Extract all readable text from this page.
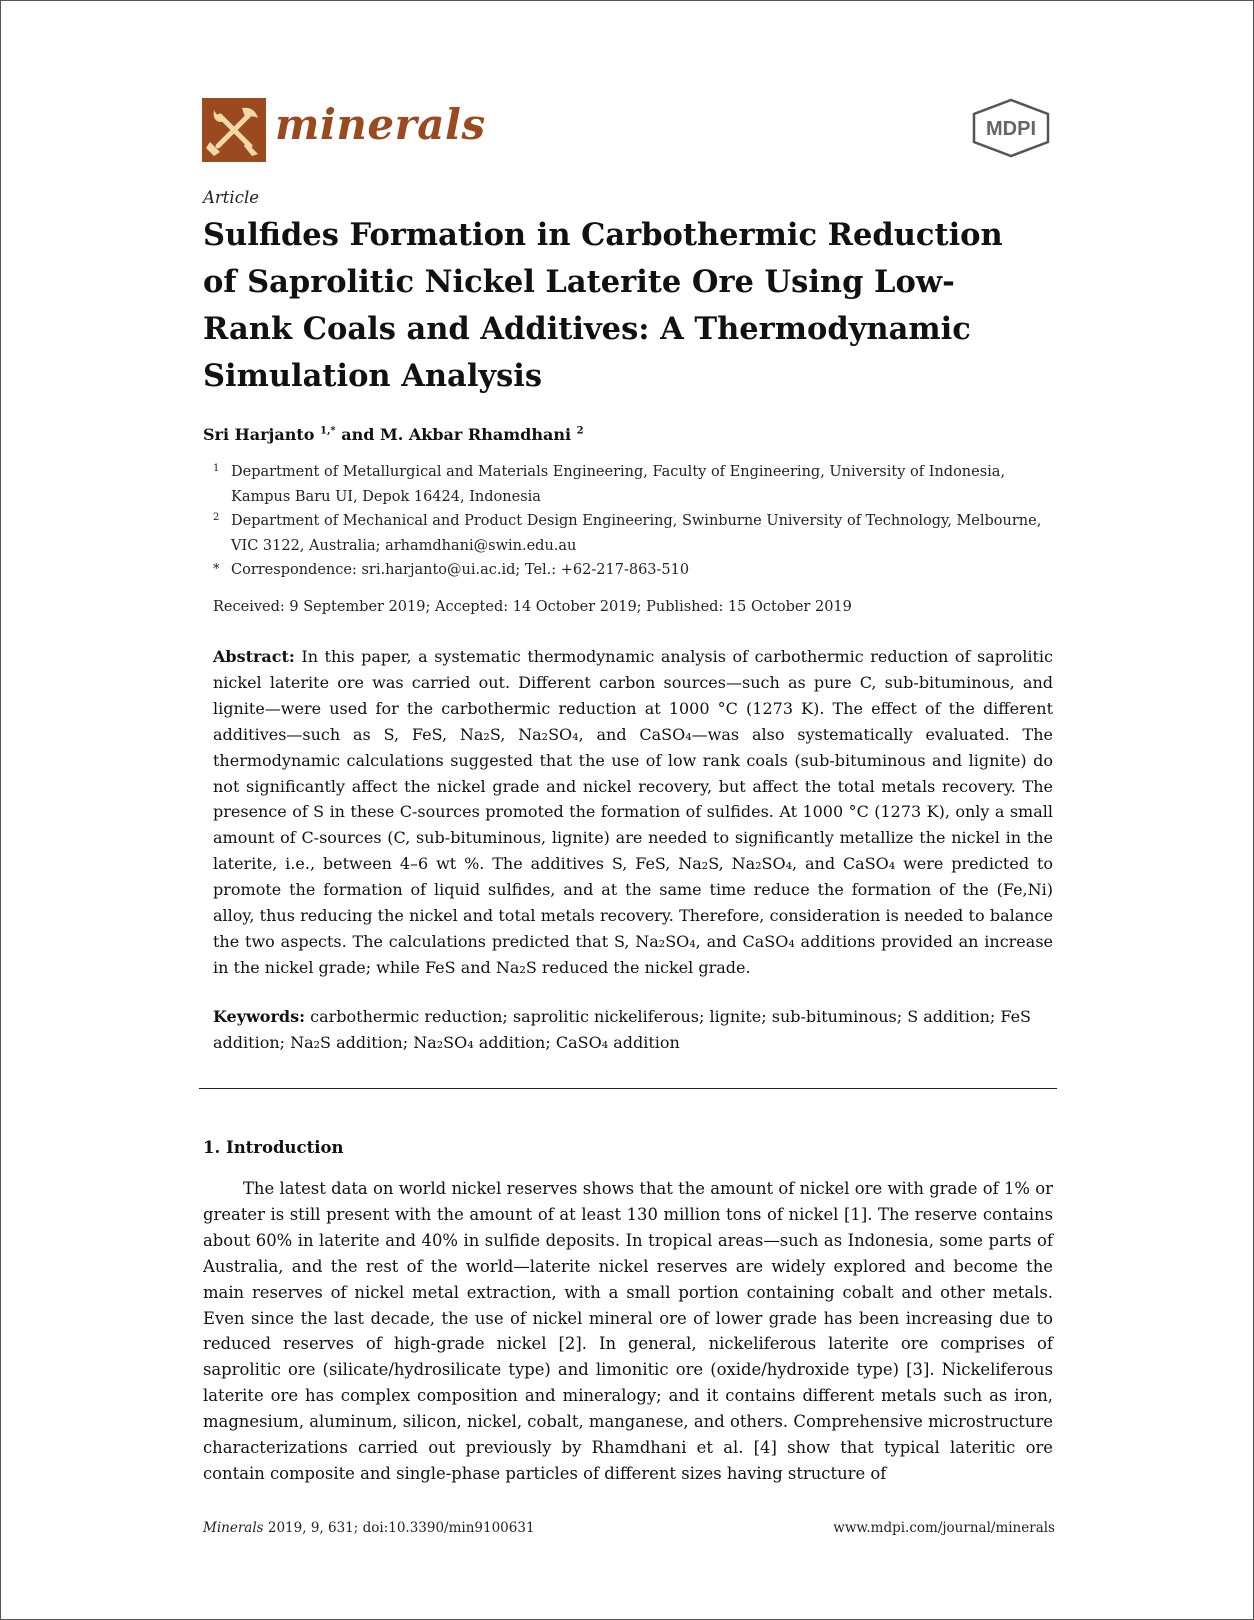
minerals	MDPI
Article
Sulfides Formation in Carbothermic Reduction of Saprolitic Nickel Laterite Ore Using Low-Rank Coals and Additives: A Thermodynamic Simulation Analysis
Sri Harjanto $^{1,*}$ and M. Akbar Rhamdhani $^2$
1 Department of Metallurgical and Materials Engineering, Faculty of Engineering, University of Indonesia, Kampus Baru UI, Depok 16424, Indonesia
2 Department of Mechanical and Product Design Engineering, Swinburne University of Technology, Melbourne, VIC 3122, Australia; arhamdhani@swin.edu.au
* Correspondence: sri.harjanto@ui.ac.id; Tel.: +62-217-863-510
Received: 9 September 2019; Accepted: 14 October 2019; Published: 15 October 2019
Abstract: In this paper, a systematic thermodynamic analysis of carbothermic reduction of saprolitic nickel laterite ore was carried out. Different carbon sources—such as pure C, sub-bituminous, and lignite—were used for the carbothermic reduction at 1000 °C (1273 K). The effect of the different additives—such as S, FeS, Na₂S, Na₂SO₄, and CaSO₄—was also systematically evaluated. The thermodynamic calculations suggested that the use of low rank coals (sub-bituminous and lignite) do not significantly affect the nickel grade and nickel recovery, but affect the total metals recovery. The presence of S in these C-sources promoted the formation of sulfides. At 1000 °C (1273 K), only a small amount of C-sources (C, sub-bituminous, lignite) are needed to significantly metallize the nickel in the laterite, i.e., between 4–6 wt %. The additives S, FeS, Na₂S, Na₂SO₄, and CaSO₄ were predicted to promote the formation of liquid sulfides, and at the same time reduce the formation of the (Fe,Ni) alloy, thus reducing the nickel and total metals recovery. Therefore, consideration is needed to balance the two aspects. The calculations predicted that S, Na₂SO₄, and CaSO₄ additions provided an increase in the nickel grade; while FeS and Na₂S reduced the nickel grade.
Keywords: carbothermic reduction; saprolitic nickeliferous; lignite; sub-bituminous; S addition; FeS addition; Na₂S addition; Na₂SO₄ addition; CaSO₄ addition
1. Introduction
The latest data on world nickel reserves shows that the amount of nickel ore with grade of 1% or greater is still present with the amount of at least 130 million tons of nickel [1]. The reserve contains about 60% in laterite and 40% in sulfide deposits. In tropical areas—such as Indonesia, some parts of Australia, and the rest of the world—laterite nickel reserves are widely explored and become the main reserves of nickel metal extraction, with a small portion containing cobalt and other metals. Even since the last decade, the use of nickel mineral ore of lower grade has been increasing due to reduced reserves of high-grade nickel [2]. In general, nickeliferous laterite ore comprises of saprolitic ore (silicate/hydrosilicate type) and limonitic ore (oxide/hydroxide type) [3]. Nickeliferous laterite ore has complex composition and mineralogy; and it contains different metals such as iron, magnesium, aluminum, silicon, nickel, cobalt, manganese, and others. Comprehensive microstructure characterizations carried out previously by Rhamdhani et al. [4] show that typical lateritic ore contain composite and single-phase particles of different sizes having structure of
Minerals 2019, 9, 631; doi:10.3390/min9100631	www.mdpi.com/journal/minerals
